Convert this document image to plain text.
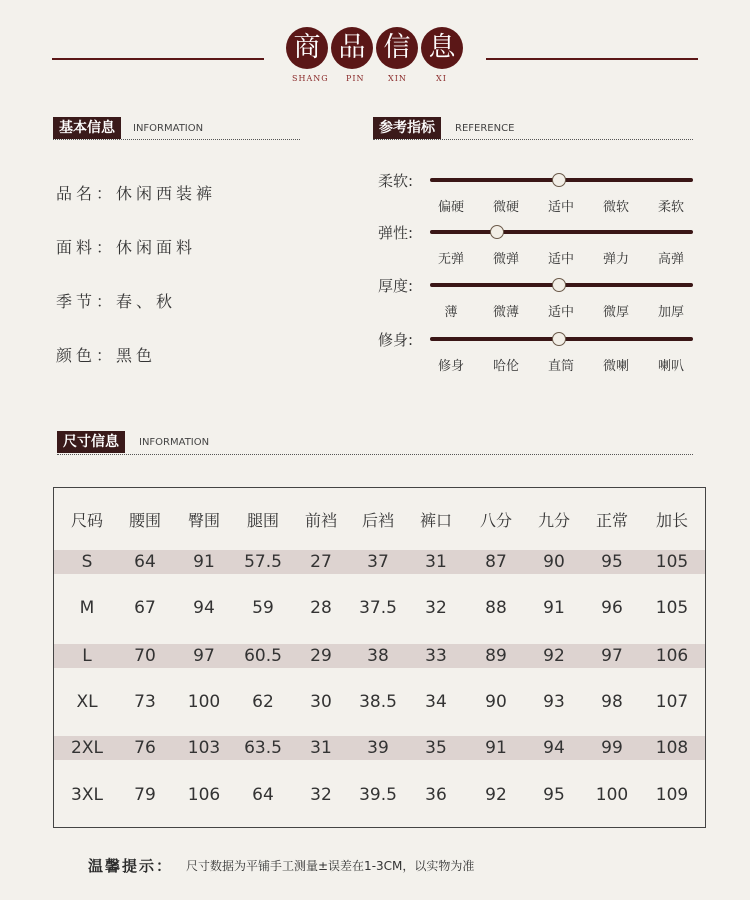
商 品 信 息
SHANG PIN	XIN	XI
基本信息	INFORMATION
品名：休闲西装裤
面料：休闲面料
季节：春、秋
颜色：黑色
参考指标	REFERENCE
柔软:
偏硬	微硬	适中	微软	柔软
弹性:
无弹	微弹	适中	弹力	高弹
厚度:
薄	微薄	适中	微厚	加厚
修身:
修身	哈伦	直筒	微喇	喇叭
尺寸信息	INFORMATION
尺码	腰围	臀围	腿围	前裆	后裆	裤口	八分	九分	正常	加长
S	64	91	57.5	27	37	31	87	90	95	105
M	67	94	59	28	37.5	32	88	91	96	105
L	70	97	60.5	29	38	33	89	92	97	106
XL	73	100	62	30	38.5	34	90	93	98	107
2XL	76	103	63.5	31	39	35	91	94	99	108
3XL	79	106	64	32	39.5	36	92	95	100	109
温馨提示： 尺寸数据为平铺手工测量±误差在1-3CM，以实物为准
